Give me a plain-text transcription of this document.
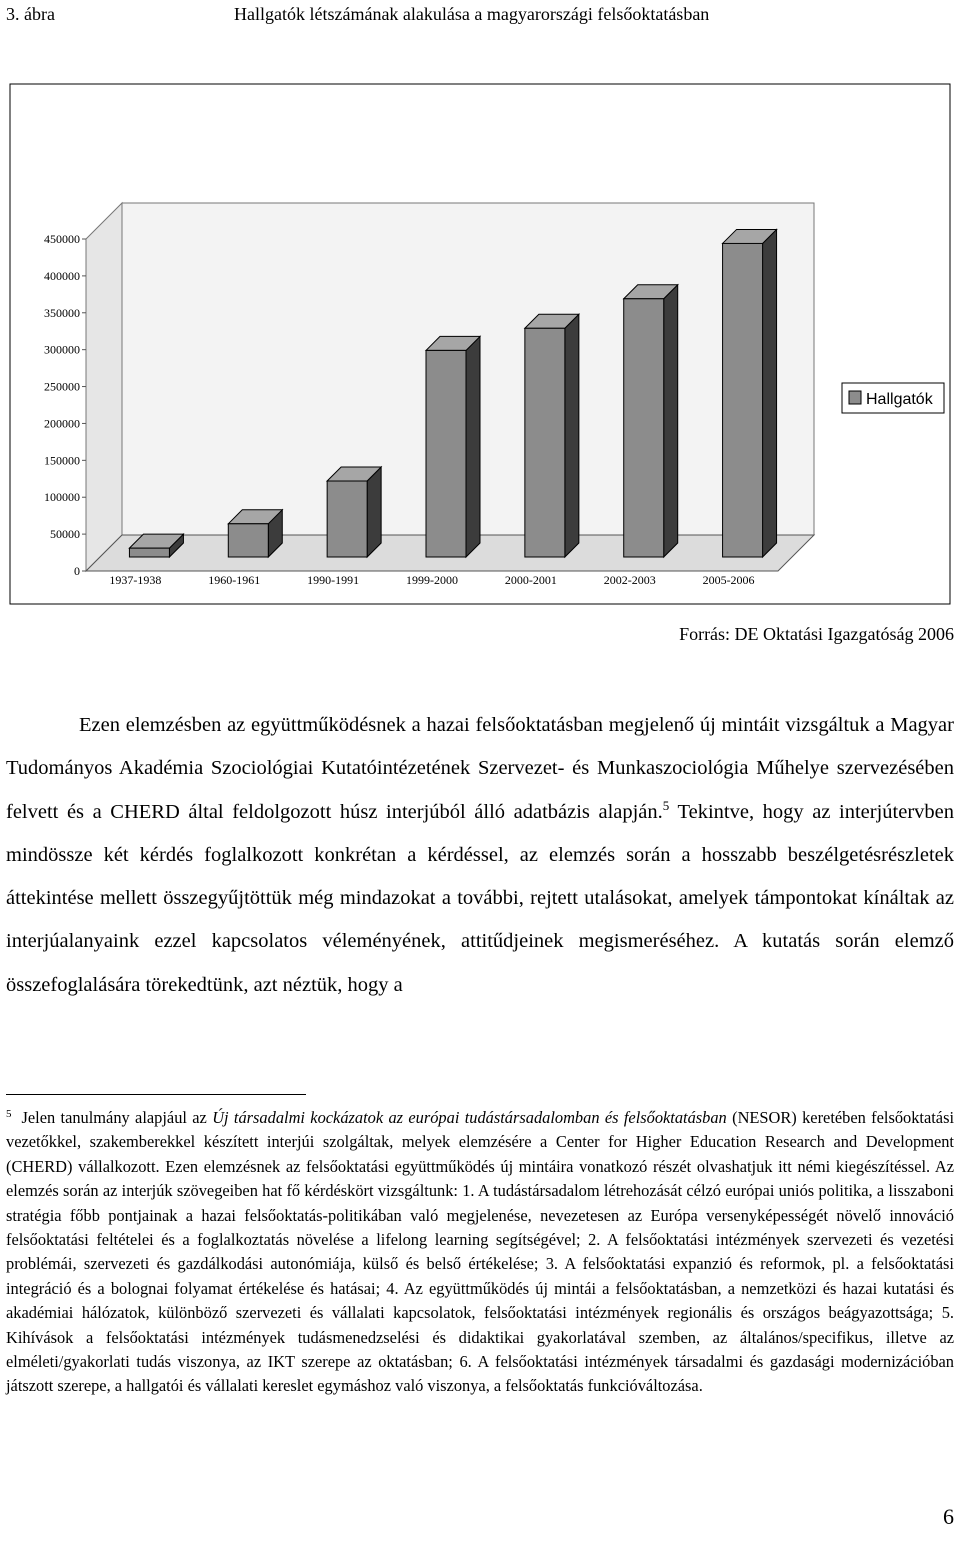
3. ábra	Hallgatók létszámának alakulása a magyarországi felsőoktatásban
0
50000
100000
150000
200000
250000
300000
350000
400000
450000
1937-1938	1960-1961	1990-1991	1999-2000	2000-2001	2002-2003	2005-2006
Hallgatók
Forrás: DE Oktatási Igazgatóság 2006

Ezen elemzésben az együttműködésnek a hazai felsőoktatásban megjelenő új mintáit vizsgáltuk a Magyar Tudományos Akadémia Szociológiai Kutatóintézetének Szervezet- és Munkaszociológia Műhelye szervezésében felvett és a CHERD által feldolgozott húsz interjúból álló adatbázis alapján.$^5$ Tekintve, hogy az interjútervben mindössze két kérdés foglalkozott konkrétan a kérdéssel, az elemzés során a hosszabb beszélgetésrészletek áttekintése mellett összegyűjtöttük még mindazokat a további, rejtett utalásokat, amelyek támpontokat kínáltak az interjúalanyaink ezzel kapcsolatos véleményének, attitűdjeinek megismeréséhez. A kutatás során elemző összefoglalására törekedtünk, azt néztük, hogy a

$^5$ Jelen tanulmány alapjául az Új társadalmi kockázatok az európai tudástársadalomban és felsőoktatásban (NESOR) keretében felsőoktatási vezetőkkel, szakemberekkel készített interjúi szolgáltak, melyek elemzésére a Center for Higher Education Research and Development (CHERD) vállalkozott. Ezen elemzésnek az felsőoktatási együttműködés új mintáira vonatkozó részét olvashatjuk itt némi kiegészítéssel. Az elemzés során az interjúk szövegeiben hat fő kérdéskört vizsgáltunk: 1. A tudástársadalom létrehozását célzó európai uniós politika, a lisszaboni stratégia főbb pontjainak a hazai felsőoktatás-politikában való megjelenése, nevezetesen az Európa versenyképességét növelő innováció felsőoktatási feltételei és a foglalkoztatás növelése a lifelong learning segítségével; 2. A felsőoktatási intézmények szervezeti és vezetési problémái, szervezeti és gazdálkodási autonómiája, külső és belső értékelése; 3. A felsőoktatási expanzió és reformok, pl. a felsőoktatási integráció és a bolognai folyamat értékelése és hatásai; 4. Az együttműködés új mintái a felsőoktatásban, a nemzetközi és hazai kutatási és akadémiai hálózatok, különböző szervezeti és vállalati kapcsolatok, felsőoktatási intézmények regionális és országos beágyazottsága; 5. Kihívások a felsőoktatási intézmények tudásmenedzselési és didaktikai gyakorlatával szemben, az általános/specifikus, illetve az elméleti/gyakorlati tudás viszonya, az IKT szerepe az oktatásban; 6. A felsőoktatási intézmények társadalmi és gazdasági modernizációban játszott szerepe, a hallgatói és vállalati kereslet egymáshoz való viszonya, a felsőoktatás funkcióváltozása.

6
